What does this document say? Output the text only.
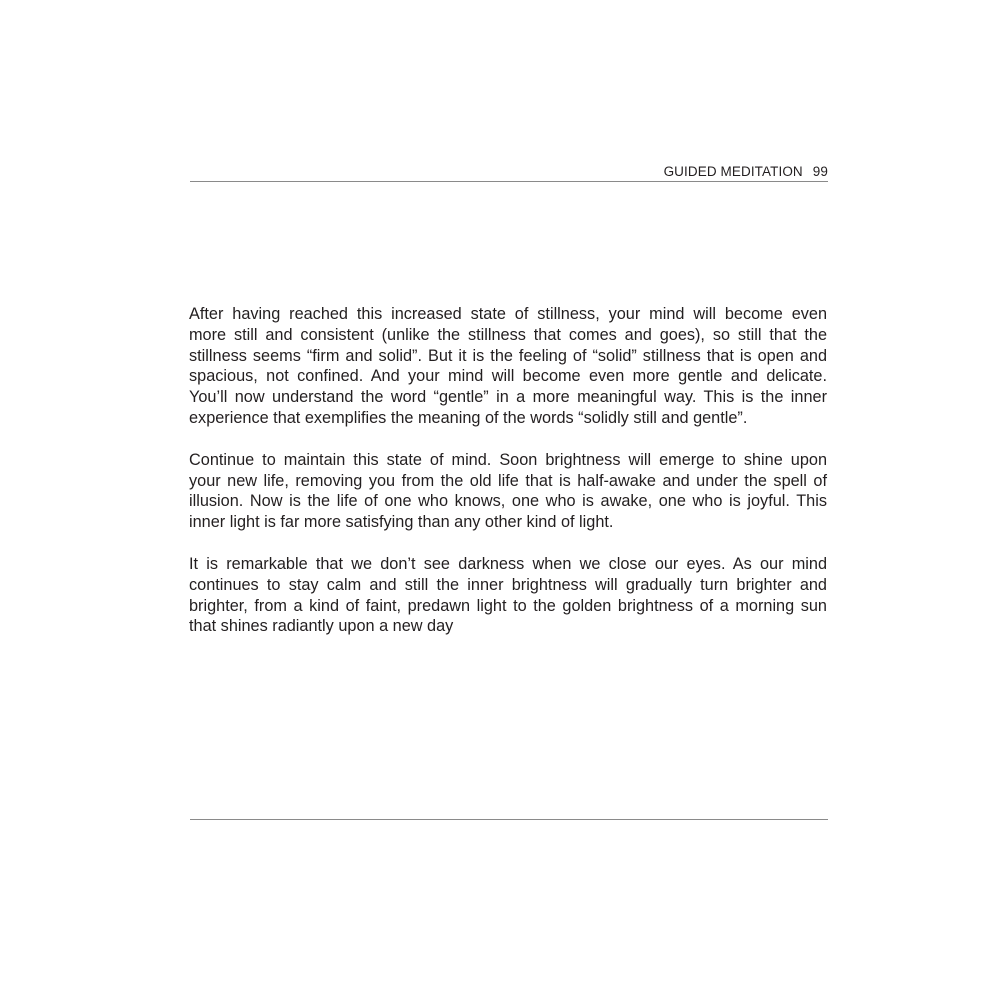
GUIDED MEDITATION 99

After having reached this increased state of stillness, your mind will become even
more still and consistent (unlike the stillness that comes and goes), so still that the
stillness seems “firm and solid”. But it is the feeling of “solid” stillness that is open and
spacious, not confined. And your mind will become even more gentle and delicate.
You’ll now understand the word “gentle” in a more meaningful way. This is the inner
experience that exemplifies the meaning of the words “solidly still and gentle”.

Continue to maintain this state of mind. Soon brightness will emerge to shine upon
your new life, removing you from the old life that is half-awake and under the spell of
illusion. Now is the life of one who knows, one who is awake, one who is joyful. This
inner light is far more satisfying than any other kind of light.

It is remarkable that we don’t see darkness when we close our eyes. As our mind
continues to stay calm and still the inner brightness will gradually turn brighter and
brighter, from a kind of faint, predawn light to the golden brightness of a morning sun
that shines radiantly upon a new day
